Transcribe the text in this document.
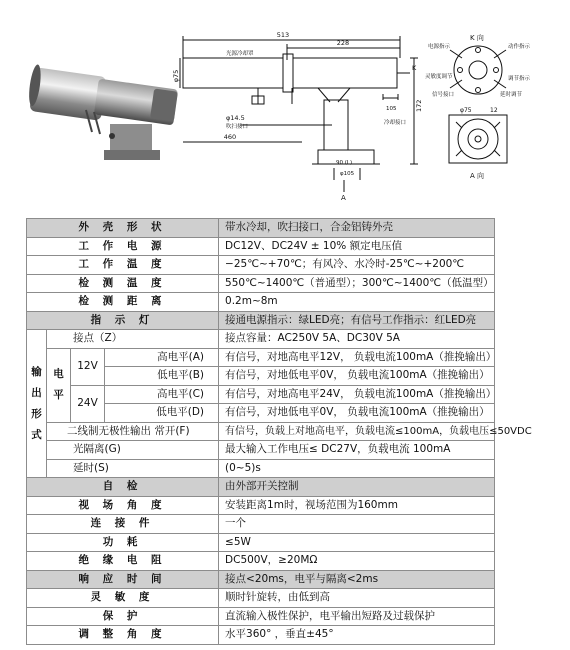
513
228
φ75
K
光源冷却罩
φ14.5
吹扫接口
460
172
105
冷却接口
90 (L)
φ105
A
K 向
电源指示	动作指示
灵敏度调节
信号接口
调节指示
延时调节
φ75	12
A 向
外 壳 形 状				带水冷却，吹扫接口，合金铝铸外壳
工 作 电 源				DC12V、DC24V ± 10% 额定电压值
工 作 温 度				−25℃~+70℃；有风冷、水冷时-25℃~+200℃
检 测 温 度				550℃~1400℃（普通型）；300℃~1400℃（低温型）
检 测 距 离				0.2m~8m
指 示 灯				接通电源指示：绿LED亮；有信号工作指示：红LED亮
输出形式	接点（Z）			接点容量：AC250V 5A、DC30V 5A
	电平	12V	高电平(A)	有信号，对地高电平12V， 负载电流100mA（推挽输出）
			低电平(B)	有信号，对地低电平0V， 负载电流100mA（推挽输出）
		24V	高电平(C)	有信号，对地高电平24V， 负载电流100mA（推挽输出）
			低电平(D)	有信号，对地低电平0V， 负载电流100mA（推挽输出）
	二线制无极性输出 常开(F)			有信号，负载上对地高电平，负载电流≤100mA，负载电压≤50VDC
	光隔离(G)			最大输入工作电压≤ DC27V，负载电流 100mA
	延时(S)			(0~5)s
自 检				由外部开关控制
视 场 角 度				安装距离1m时，视场范围为160mm
连 接 件				一个
功 耗				≤5W
绝 缘 电 阻				DC500V，≥20MΩ
响 应 时 间				接点<20ms，电平与隔离<2ms
灵 敏 度				顺时针旋转，由低到高
保 护				直流输入极性保护，电平输出短路及过载保护
调 整 角 度				水平360° ，垂直±45°
